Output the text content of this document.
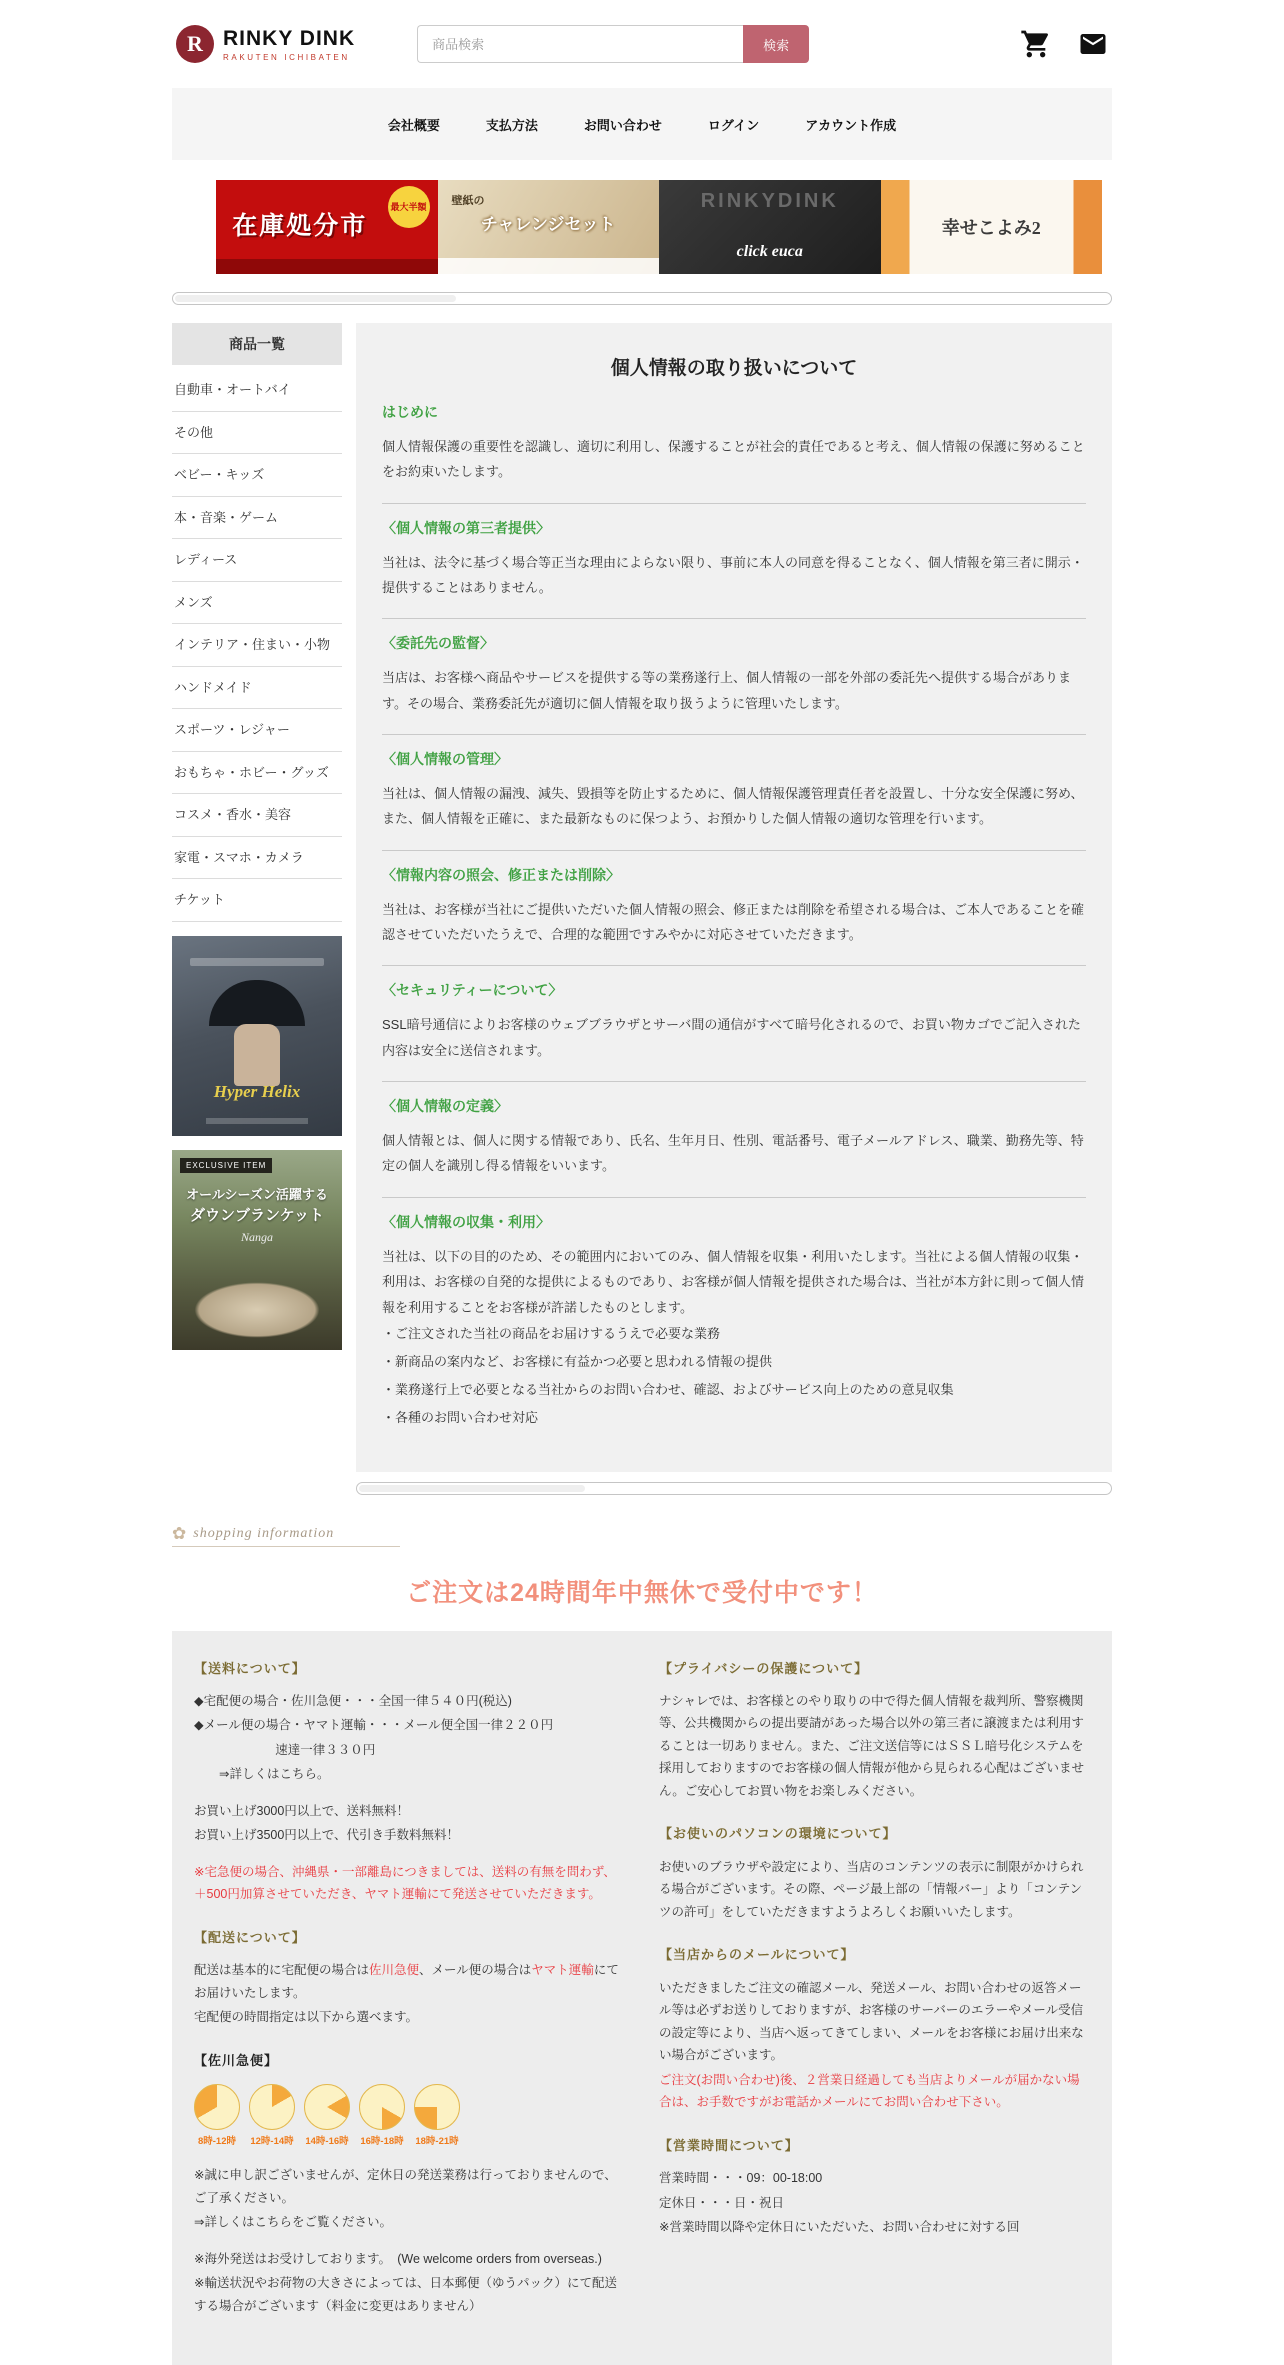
R RINKY DINK
RAKUTEN ICHIBATEN
商品検索
検索
会社概要	支払方法	お問い合わせ	ログイン	アカウント作成
在庫処分市
最大半額 壁紙の
チャレンジセット
RINKYDINK
click euca
幸せこよみ2
商品一覧
自動車・オートバイ
その他
ベビー・キッズ
本・音楽・ゲーム
レディース
メンズ
インテリア・住まい・小物
ハンドメイド
スポーツ・レジャー
おもちゃ・ホビー・グッズ
コスメ・香水・美容
家電・スマホ・カメラ
チケット
Hyper Helix
EXCLUSIVE ITEM
オールシーズン活躍する
ダウンブランケット
Nanga
個人情報の取り扱いについて
はじめに

個人情報保護の重要性を認識し、適切に利用し、保護することが社会的責任であると考え、個人情報の保護に努めることをお約束いたします。

〈個人情報の第三者提供〉

当社は、法令に基づく場合等正当な理由によらない限り、事前に本人の同意を得ることなく、個人情報を第三者に開示・提供することはありません。

〈委託先の監督〉

当店は、お客様へ商品やサービスを提供する等の業務遂行上、個人情報の一部を外部の委託先へ提供する場合があります。その場合、業務委託先が適切に個人情報を取り扱うように管理いたします。

〈個人情報の管理〉

当社は、個人情報の漏洩、減失、毀損等を防止するために、個人情報保護管理責任者を設置し、十分な安全保護に努め、また、個人情報を正確に、また最新なものに保つよう、お預かりした個人情報の適切な管理を行います。

〈情報内容の照会、修正または削除〉

当社は、お客様が当社にご提供いただいた個人情報の照会、修正または削除を希望される場合は、ご本人であることを確認させていただいたうえで、合理的な範囲ですみやかに対応させていただきます。

〈セキュリティーについて〉

SSL暗号通信によりお客様のウェブブラウザとサーバ間の通信がすべて暗号化されるので、お買い物カゴでご記入された内容は安全に送信されます。

〈個人情報の定義〉

個人情報とは、個人に関する情報であり、氏名、生年月日、性別、電話番号、電子メールアドレス、職業、勤務先等、特定の個人を識別し得る情報をいいます。

〈個人情報の収集・利用〉

当社は、以下の目的のため、その範囲内においてのみ、個人情報を収集・利用いたします。当社による個人情報の収集・利用は、お客様の自発的な提供によるものであり、お客様が個人情報を提供された場合は、当社が本方針に則って個人情報を利用することをお客様が許諾したものとします。

・ご注文された当社の商品をお届けするうえで必要な業務

・新商品の案内など、お客様に有益かつ必要と思われる情報の提供

・業務遂行上で必要となる当社からのお問い合わせ、確認、およびサービス向上のための意見収集

・各種のお問い合わせ対応

✿ shopping information
ご注文は24時間年中無休で受付中です！
【送料について】

◆宅配便の場合・佐川急便・・・全国一律５４０円(税込)

◆メール便の場合・ヤマト運輸・・・メール便全国一律２２０円

速達一律３３０円

⇒詳しくはこちら。

お買い上げ3000円以上で、送料無料！

お買い上げ3500円以上で、代引き手数料無料！

※宅急便の場合、沖縄県・一部離島につきましては、送料の有無を問わず、＋500円加算させていただき、ヤマト運輸にて発送させていただきます。

【配送について】

配送は基本的に宅配便の場合は佐川急便、メール便の場合はヤマト運輸にてお届けいたします。

宅配便の時間指定は以下から選べます。

【佐川急便】
8時-12時	12時-14時 14時-16時 16時-18時 18時-21時

※誠に申し訳ございませんが、定休日の発送業務は行っておりませんので、ご了承ください。

⇒詳しくはこちらをご覧ください。

※海外発送はお受けしております。　(We welcome orders from overseas.)

※輸送状況やお荷物の大きさによっては、日本郵便（ゆうパック）にて配送する場合がございます（料金に変更はありません）

【プライバシーの保護について】

ナシャレでは、お客様とのやり取りの中で得た個人情報を裁判所、警察機関等、公共機関からの提出要請があった場合以外の第三者に譲渡または利用することは一切ありません。また、ご注文送信等にはＳＳＬ暗号化システムを採用しておりますのでお客様の個人情報が他から見られる心配はございません。ご安心してお買い物をお楽しみください。

【お使いのパソコンの環境について】

お使いのブラウザや設定により、当店のコンテンツの表示に制限がかけられる場合がございます。その際、ページ最上部の「情報バー」より「コンテンツの許可」をしていただきますようよろしくお願いいたします。

【当店からのメールについて】

いただきましたご注文の確認メール、発送メール、お問い合わせの返答メール等は必ずお送りしておりますが、お客様のサーバーのエラーやメール受信の設定等により、当店へ返ってきてしまい、メールをお客様にお届け出来ない場合がございます。

ご注文(お問い合わせ)後、２営業日経過しても当店よりメールが届かない場合は、お手数ですがお電話かメールにてお問い合わせ下さい。

【営業時間について】

営業時間・・・09：00-18:00

定休日・・・日・祝日

※営業時間以降や定休日にいただいた、お問い合わせに対する回
